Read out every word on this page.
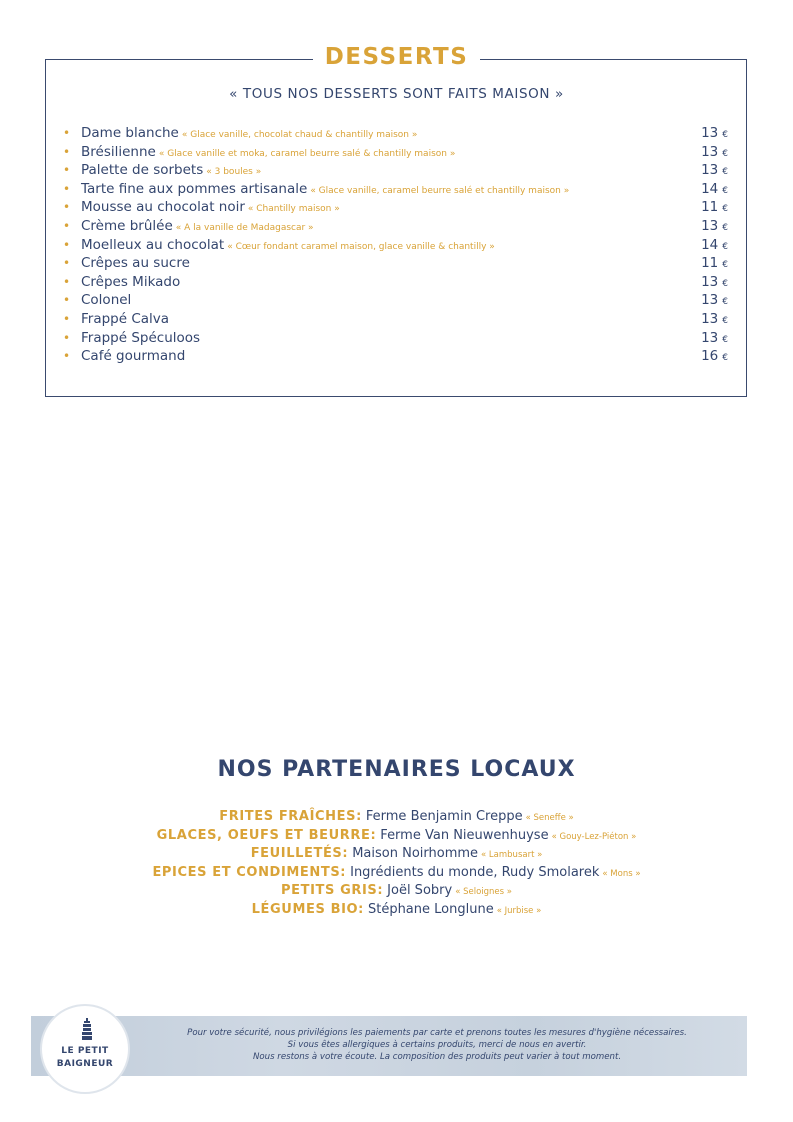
DESSERTS
« TOUS NOS DESSERTS SONT FAITS MAISON »
• Dame blanche « Glace vanille, chocolat chaud & chantilly maison »	13 €
• Brésilienne « Glace vanille et moka, caramel beurre salé & chantilly maison »	13 €
• Palette de sorbets « 3 boules »	13 €
• Tarte fine aux pommes artisanale « Glace vanille, caramel beurre salé et chantilly maison »	14 €
• Mousse au chocolat noir « Chantilly maison »	11 €
• Crème brûlée « A la vanille de Madagascar »	13 €
• Moelleux au chocolat « Cœur fondant caramel maison, glace vanille & chantilly »	14 €
• Crêpes au sucre	11 €
• Crêpes Mikado	13 €
• Colonel	13 €
• Frappé Calva	13 €
• Frappé Spéculoos	13 €
• Café gourmand	16 €
NOS PARTENAIRES LOCAUX
FRITES FRAÎCHES: Ferme Benjamin Creppe « Seneffe »
GLACES, OEUFS ET BEURRE: Ferme Van Nieuwenhuyse « Gouy-Lez-Piéton »
FEUILLETÉS: Maison Noirhomme « Lambusart »
EPICES ET CONDIMENTS: Ingrédients du monde, Rudy Smolarek « Mons »
PETITS GRIS: Joël Sobry « Seloignes »
LÉGUMES BIO: Stéphane Longlune « Jurbise »
Pour votre sécurité, nous privilégions les paiements par carte et prenons toutes les mesures d'hygiène nécessaires.
Si vous êtes allergiques à certains produits, merci de nous en avertir.
Nous restons à votre écoute. La composition des produits peut varier à tout moment.
LE PETIT
BAIGNEUR
